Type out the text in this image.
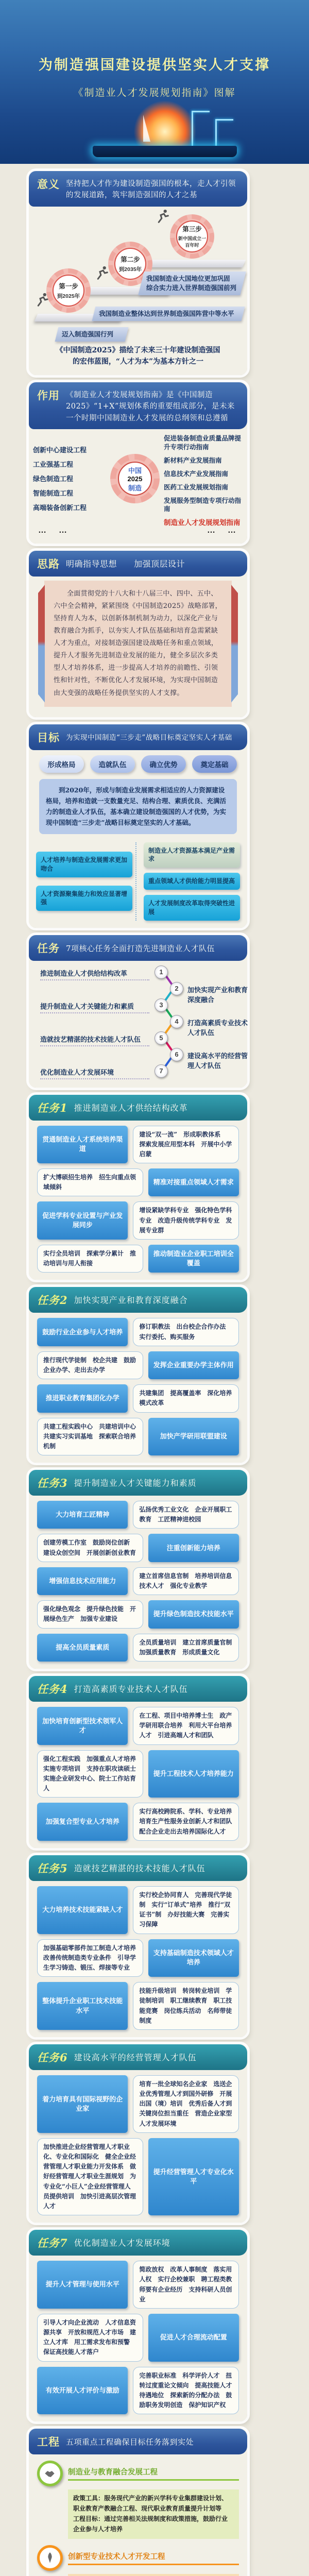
为制造强国建设提供坚实人才支撑
《制造业人才发展规划指南》图解
意义 坚持把人才作为建设制造强国的根本，走人才引领的发展道路，筑牢制造强国的人才之基
第一步
到2025年
第二步
到2035年
第三步
新中国成立一百年时
我国制造业大国地位更加巩固　综合实力进入世界制造强国前列
我国制造业整体达到世界制造强国阵营中等水平
迈入制造强国行列
《中国制造2025》描绘了未来三十年建设制造强国
的宏伟蓝图，“人才为本”为基本方针之一
作用 《制造业人才发展规划指南》是《中国制造2025》“1+X”规划体系的重要组成部分，是未来一个时期中国制造业人才发展的总纲领和总遵循
中国
2025
制造
创新中心建设工程
工业强基工程
绿色制造工程
智能制造工程
高端装备创新工程
促进装备制造业质量品牌提升专项行动指南
新材料产业发展指南
信息技术产业发展指南
医药工业发展规划指南
发展服务型制造专项行动指南
制造业人才发展规划指南
…　…	…　…
思路 明确指导思想　　加强顶层设计
全面贯彻党的十八大和十八届三中、四中、五中、六中全会精神，紧紧围绕《中国制造2025》战略部署，坚持育人为本，以创新体制机制为动力，以深化产业与教育融合为抓手，以夯实人才队伍基础和培育急需紧缺人才为重点，对接制造强国建设战略任务和重点领域，提升人才服务先进制造业发展的能力，健全多层次多类型人才培养体系，进一步提高人才培养的前瞻性、引领性和针对性，不断优化人才发展环境，为实现中国制造由大变强的战略任务提供坚实的人才支撑。
目标 为实现中国制造“三步走”战略目标奠定坚实人才基础
形成格局	造就队伍	确立优势	奠定基础
到2020年，形成与制造业发展需求相适应的人力资源建设格局，培养和造就一支数量充足、结构合理、素质优良、充满活力的制造业人才队伍，基本确立建设制造强国的人才优势，为实现中国制造“三步走”战略目标奠定坚实的人才基础。
人才培养与制造业发展需求更加吻合
人才资源聚集能力和效应显著增强
制造业人才资源基本满足产业需求
重点领域人才供给能力明显提高
人才发展制度改革取得突破性进展
任务 7项核心任务全面打造先进制造业人才队伍
推进制造业人才供给结构改革	1
2	加快实现产业和教育深度融合
提升制造业人才关键能力和素质	3
4	打造高素质专业技术人才队伍
造就技艺精湛的技术技能人才队伍	5
6	建设高水平的经营管理人才队伍
优化制造业人才发展环境	7
任务1 推进制造业人才供给结构改革
贯通制造业人才系统培养渠道
建设“双一流”　形成职教体系　探索发展应用型本科　开展中小学启蒙
扩大博硕招生培养　招生向重点领域倾斜
精准对接重点领域人才需求
促进学科专业设置与产业发展同步
增设紧缺学科专业　强化特色学科专业　改造升级传统学科专业　发展专业群
实行全员培训　探索学分累计　推动培训与用人衔接
推动制造业企业职工培训全覆盖
任务2 加快实现产业和教育深度融合
鼓励行业企业参与人才培养
修订职教法　出台校企合作办法　实行委托、购买服务
推行现代学徒制　校企共建　鼓励企业办学、走出去办学
发挥企业重要办学主体作用
推进职业教育集团化办学
共建集团　提高覆盖率　深化培养模式改革
共建工程实践中心　共建培训中心　共建实习实训基地　探索联合培养机制
加快产学研用联盟建设
任务3 提升制造业人才关键能力和素质
大力培育工匠精神
弘扬优秀工业文化　企业开展职工教育　工匠精神进校园
创建劳模工作室　鼓励岗位创新　建设众创空间　开展创新创业教育
注重创新能力培养
增强信息技术应用能力
建立首席信息官制　培养培训信息技术人才　强化专业教学
强化绿色观念　提升绿色技能　开展绿色生产　加强专业建设
提升绿色制造技术技能水平
提高全员质量素质
全员质量培训　建立首席质量官制　加强质量教育　形成质量文化
任务4 打造高素质专业技术人才队伍
加快培育创新型技术领军人才
在工程、项目中培养博士生　政产学研用联合培养　利用大平台培养人才　引进高端人才和团队
强化工程实践　加强重点人才培养　实施专项培训　支持在职攻读硕士　实施企业研发中心、院士工作站育人
提升工程技术人才培养能力
加强复合型专业人才培养
实行高校跨院系、学科、专业培养　培育生产性服务业创新人才和团队　配合企业走出去培养国际化人才
任务5 造就技艺精湛的技术技能人才队伍
大力培养技术技能紧缺人才
实行校企协同育人　完善现代学徒制　实行“订单式”培养　推行“双证书”制　办好技能大赛　完善实习保障
加强基础零部件加工制造人才培养　改善传统制造类专业条件　引导学生学习铸造、锻压、焊接等专业
支持基础制造技术领域人才培养
整体提升企业职工技术技能水平
技能升级培训　转岗转业培训　学徒制培训　职工继续教育　职工技能竞赛　岗位练兵活动　名师带徒制度
任务6 建设高水平的经营管理人才队伍
着力培育具有国际视野的企业家
培育一批全球知名企业家　选送企业优秀管理人才到国外研修　开展出国（境）培训　优秀后备人才到关键岗位担当重任　营造企业家型人才发展环境
加快推进企业经营管理人才职业化、专业化和国际化　健全企业经营管理人才职业能力开发体系　做好经营管理人才职业生涯规划　为专业化“小巨人”企业经营管理人员提供培训　加快引进高层次管理人才
提升经营管理人才专业化水平
任务7 优化制造业人才发展环境
提升人才管理与使用水平
简政放权　改革人事制度　落实用人权　实行企校兼职　聘工程类教师要有企业经历　支持科研人员创业
引导人才向企业流动　人才信息资源共享　开放和规范人才市场　建立人才库　用工需求发布和预警　保证高技能人才落户
促进人才合理流动配置
有效开展人才评价与激励
完善职业标准　科学评价人才　扭转过度重论文倾向　提高技能人才待遇地位　探索新的分配办法　鼓励职务发明创造　保护知识产权
工程 五项重点工程确保目标任务落到实处
制造业与教育融合发展工程
政策工具：服务现代产业的新兴学科专业集群建设计划、职业教育产教融合工程、现代职业教育质量提升计划等
工程目标：通过完善相关法规制度和政策措施，鼓励行业企业参与人才培养
创新型专业技术人才开发工程
